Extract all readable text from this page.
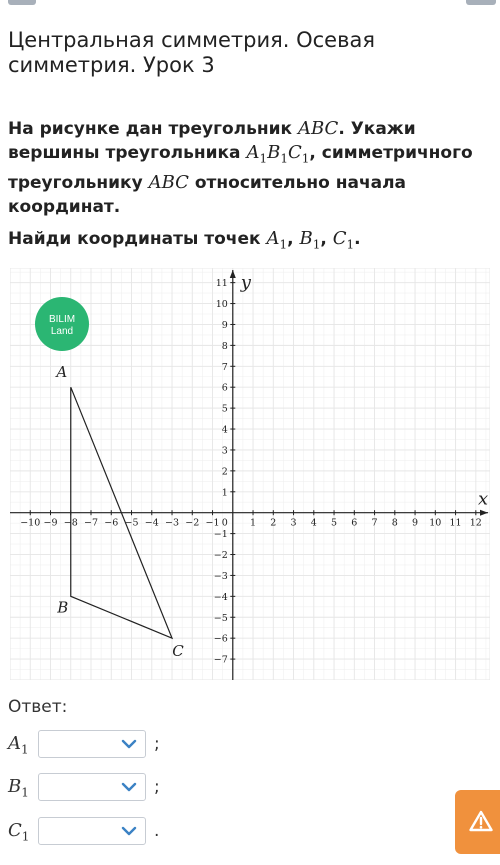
Центральная симметрия. Осевая симметрия. Урок 3

На рисунке дан треугольник ABC. Укажи вершины треугольника $A_1B_1C_1$, симметричного треугольнику ABC относительно начала координат.

Найди координаты точек $A_1$, $B_1$, $C_1$.

x
y
−10 −9 −8 −7 −6 −5 −4 −3 −2 −1	1 2 3 4 5 6 7 8 9 10 11 12
−7
−6
−5
−4
−3
−2
−1
1
2
3
4
5
6
7
8
9
10
11
0
A
B
C
BILIM
Land
Ответ:
$A_1$	;
$B_1$	;
$C_1$	.
